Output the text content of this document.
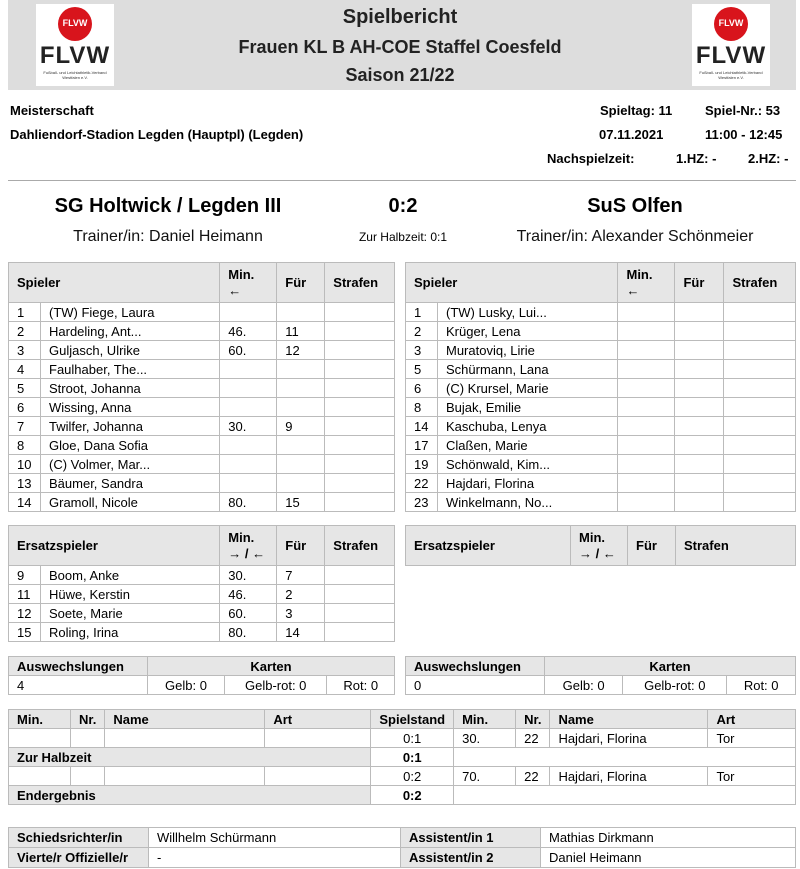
FLVW
FLVW
Fußball- und Leichtathletik-Verband Westfalen e.V.
FLVW
FLVW
Fußball- und Leichtathletik-Verband Westfalen e.V.
Spielbericht
Frauen KL B AH-COE Staffel Coesfeld
Saison 21/22
Meisterschaft
Dahliendorf-Stadion Legden (Hauptpl) (Legden)
Spieltag: 11	Spiel-Nr.: 53
07.11.2021	11:00 - 12:45
Nachspielzeit:	1.HZ: - 2.HZ: -
SG Holtwick / Legden III	0:2	SuS Olfen
Trainer/in: Daniel Heimann	Zur Halbzeit: 0:1	Trainer/in: Alexander Schönmeier
Spieler		Min.
←	Für	Strafen
1	(TW) Fiege, Laura			
2	Hardeling, Ant...	46.	11	
3	Guljasch, Ulrike	60.	12	
4	Faulhaber, The...			
5	Stroot, Johanna			
6	Wissing, Anna			
7	Twilfer, Johanna	30.	9	
8	Gloe, Dana Sofia			
10	(C) Volmer, Mar...			
13	Bäumer, Sandra			
14	Gramoll, Nicole	80.	15	
Spieler		Min.
←	Für	Strafen
1	(TW) Lusky, Lui...			
2	Krüger, Lena			
3	Muratoviq, Lirie			
5	Schürmann, Lana			
6	(C) Krursel, Marie			
8	Bujak, Emilie			
14	Kaschuba, Lenya			
17	Claßen, Marie			
19	Schönwald, Kim...			
22	Hajdari, Florina			
23	Winkelmann, No...			
Ersatzspieler		Min.
→ / ←	Für	Strafen
9	Boom, Anke	30.	7	
11	Hüwe, Kerstin	46.	2	
12	Soete, Marie	60.	3	
15	Roling, Irina	80.	14	
Ersatzspieler	Min.
→ / ←	Für	Strafen
Auswechslungen	Karten		
4	Gelb: 0	Gelb-rot: 0	Rot: 0
Auswechslungen	Karten		
0	Gelb: 0	Gelb-rot: 0	Rot: 0
Min.	Nr.	Name	Art	Spielstand	Min.	Nr.	Name	Art
				0:1	30.	22	Hajdari, Florina	Tor
Zur Halbzeit				0:1				
				0:2	70.	22	Hajdari, Florina	Tor
Endergebnis				0:2				
Schiedsrichter/in	Willhelm Schürmann	Assistent/in 1	Mathias Dirkmann
Vierte/r Offizielle/r	-	Assistent/in 2	Daniel Heimann
